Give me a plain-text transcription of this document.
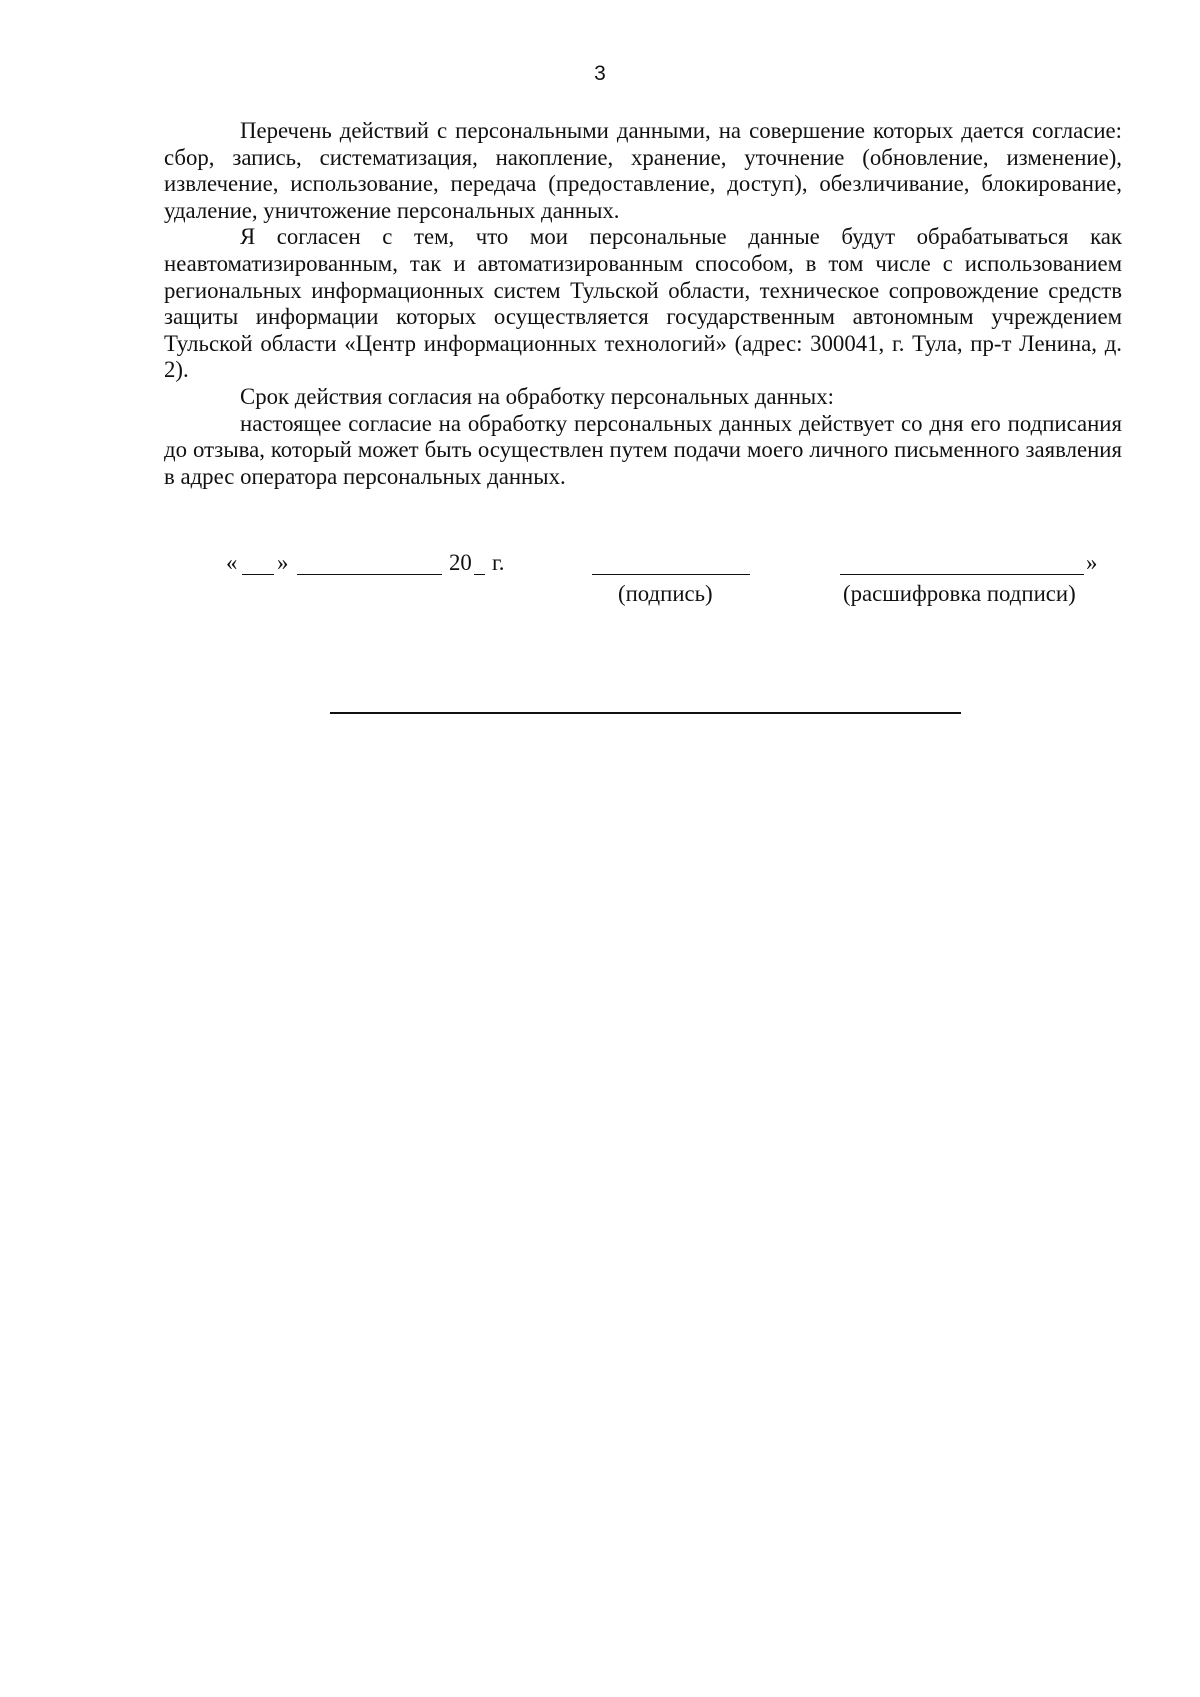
3

Перечень действий с персональными данными, на совершение которых дается согласие: сбор, запись, систематизация, накопление, хранение, уточнение (обновление, изменение), извлечение, использование, передача (предоставление, доступ), обезличивание, блокирование, удаление, уничтожение персональных данных.

Я согласен с тем, что мои персональные данные будут обрабатываться как неавтоматизированным, так и автоматизированным способом, в том числе с использованием региональных информационных систем Тульской области, техническое сопровождение средств защиты информации которых осуществляется государственным автономным учреждением Тульской области «Центр информационных технологий» (адрес: 300041, г. Тула, пр-т Ленина, д. 2).

Срок действия согласия на обработку персональных данных:

настоящее согласие на обработку персональных данных действует со дня его подписания до отзыва, который может быть осуществлен путем подачи моего личного письменного заявления в адрес оператора персональных данных.

« »	20 г.
(подпись)
»
(расшифровка подписи)
